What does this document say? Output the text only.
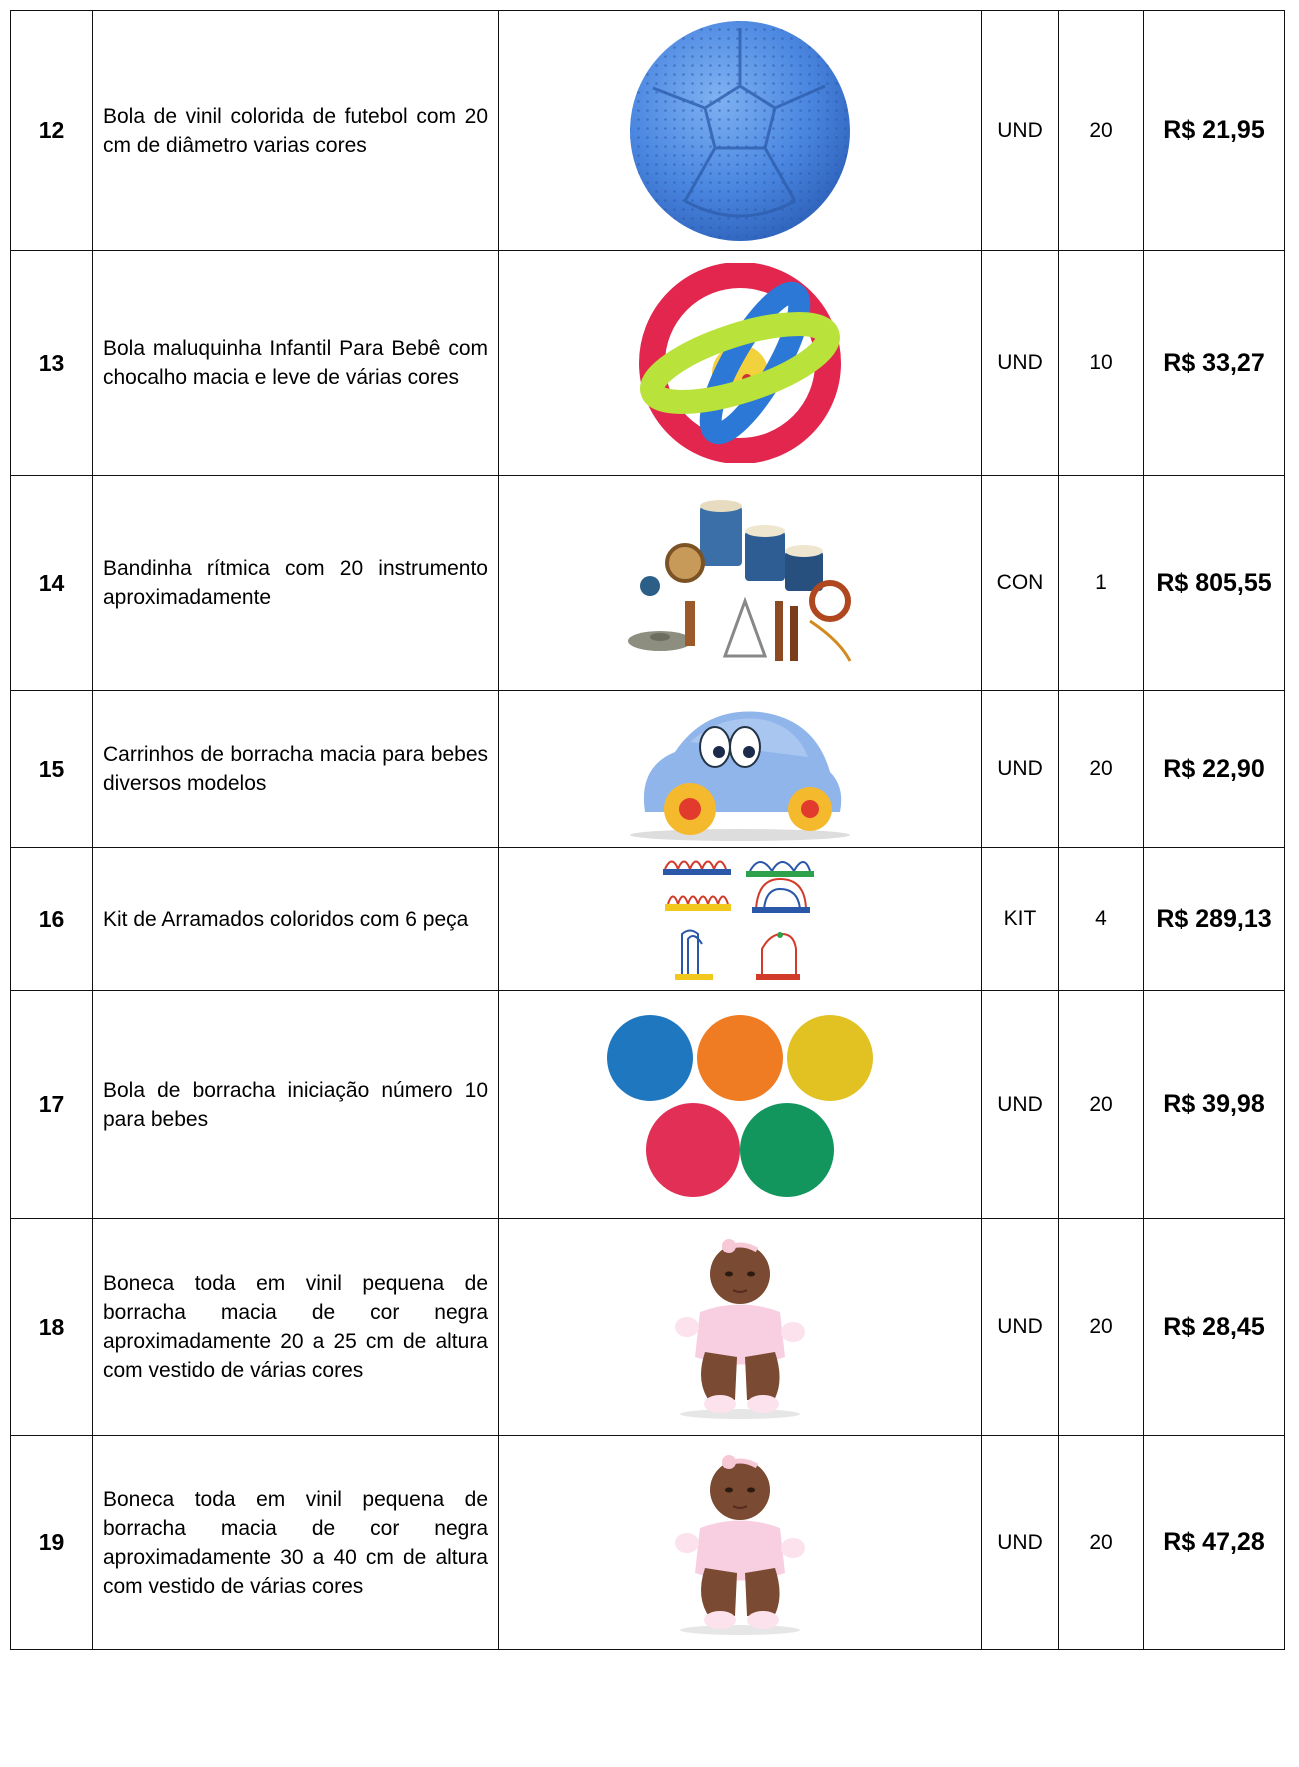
12	Bola de vinil colorida de futebol com 20 cm de diâmetro varias cores		UND	20	R$ 21,95
13	Bola maluquinha Infantil Para Bebê com chocalho macia e leve de várias cores		UND	10	R$ 33,27
14	Bandinha rítmica com 20 instrumento aproximadamente		CON	1	R$ 805,55
15	Carrinhos de borracha macia para bebes diversos modelos		UND	20	R$ 22,90
16	Kit de Arramados coloridos com 6 peça		KIT	4	R$ 289,13
17	Bola de borracha iniciação número 10 para bebes		UND	20	R$ 39,98
18	Boneca toda em vinil pequena de borracha macia de cor negra aproximadamente 20 a 25 cm de altura com vestido de várias cores		UND	20	R$ 28,45
19	Boneca toda em vinil pequena de borracha macia de cor negra aproximadamente 30 a 40 cm de altura com vestido de várias cores		UND	20	R$ 47,28
